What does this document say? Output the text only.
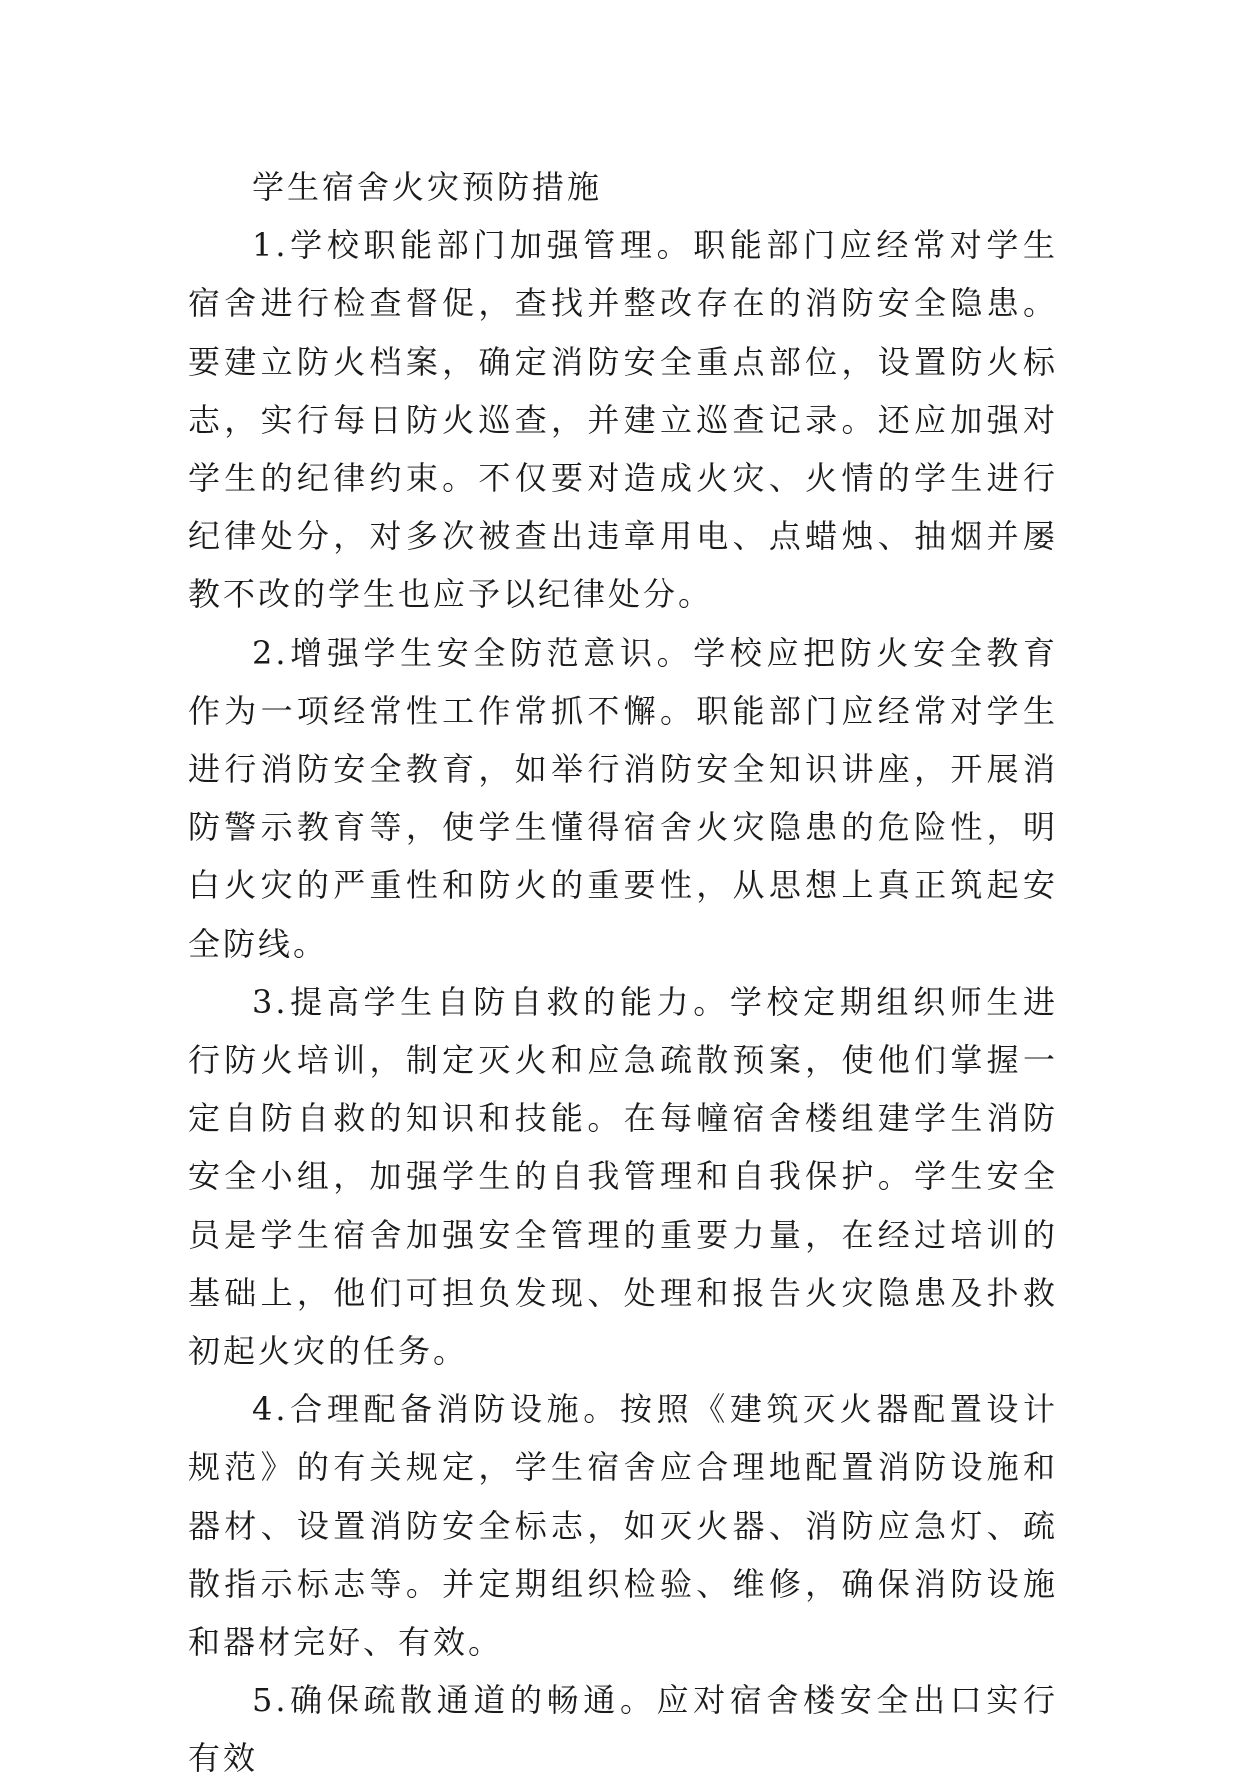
学生宿舍火灾预防措施

1.学校职能部门加强管理。职能部门应经常对学生宿舍进行检查督促，查找并整改存在的消防安全隐患。要建立防火档案，确定消防安全重点部位，设置防火标志，实行每日防火巡查，并建立巡查记录。还应加强对学生的纪律约束。不仅要对造成火灾、火情的学生进行纪律处分，对多次被查出违章用电、点蜡烛、抽烟并屡教不改的学生也应予以纪律处分。

2.增强学生安全防范意识。学校应把防火安全教育作为一项经常性工作常抓不懈。职能部门应经常对学生进行消防安全教育，如举行消防安全知识讲座，开展消防警示教育等，使学生懂得宿舍火灾隐患的危险性，明白火灾的严重性和防火的重要性，从思想上真正筑起安全防线。

3.提高学生自防自救的能力。学校定期组织师生进行防火培训，制定灭火和应急疏散预案，使他们掌握一定自防自救的知识和技能。在每幢宿舍楼组建学生消防安全小组，加强学生的自我管理和自我保护。学生安全员是学生宿舍加强安全管理的重要力量，在经过培训的基础上，他们可担负发现、处理和报告火灾隐患及扑救初起火灾的任务。

4.合理配备消防设施。按照《建筑灭火器配置设计规范》的有关规定，学生宿舍应合理地配置消防设施和器材、设置消防安全标志，如灭火器、消防应急灯、疏散指示标志等。并定期组织检验、维修，确保消防设施和器材完好、有效。

5.确保疏散通道的畅通。应对宿舍楼安全出口实行有效
